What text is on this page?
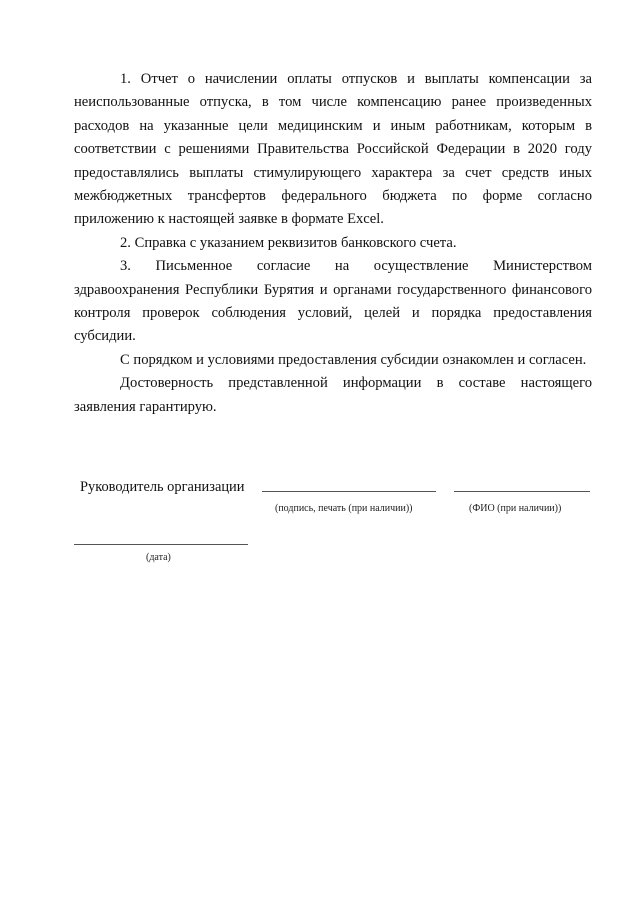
1. Отчет о начислении оплаты отпусков и выплаты компенсации за неиспользованные отпуска, в том числе компенсацию ранее произведенных расходов на указанные цели медицинским и иным работникам, которым в соответствии с решениями Правительства Российской Федерации в 2020 году предоставлялись выплаты стимулирующего характера за счет средств иных межбюджетных трансфертов федерального бюджета по форме согласно приложению к настоящей заявке в формате Excel.

2. Справка с указанием реквизитов банковского счета.

3. Письменное согласие на осуществление Министерством здравоохранения Республики Бурятия и органами государственного финансового контроля проверок соблюдения условий, целей и порядка предоставления субсидии.

С порядком и условиями предоставления субсидии ознакомлен и согласен.

Достоверность представленной информации в составе настоящего заявления гарантирую.

Руководитель организации
(подпись, печать (при наличии))	(ФИО (при наличии))
(дата)
